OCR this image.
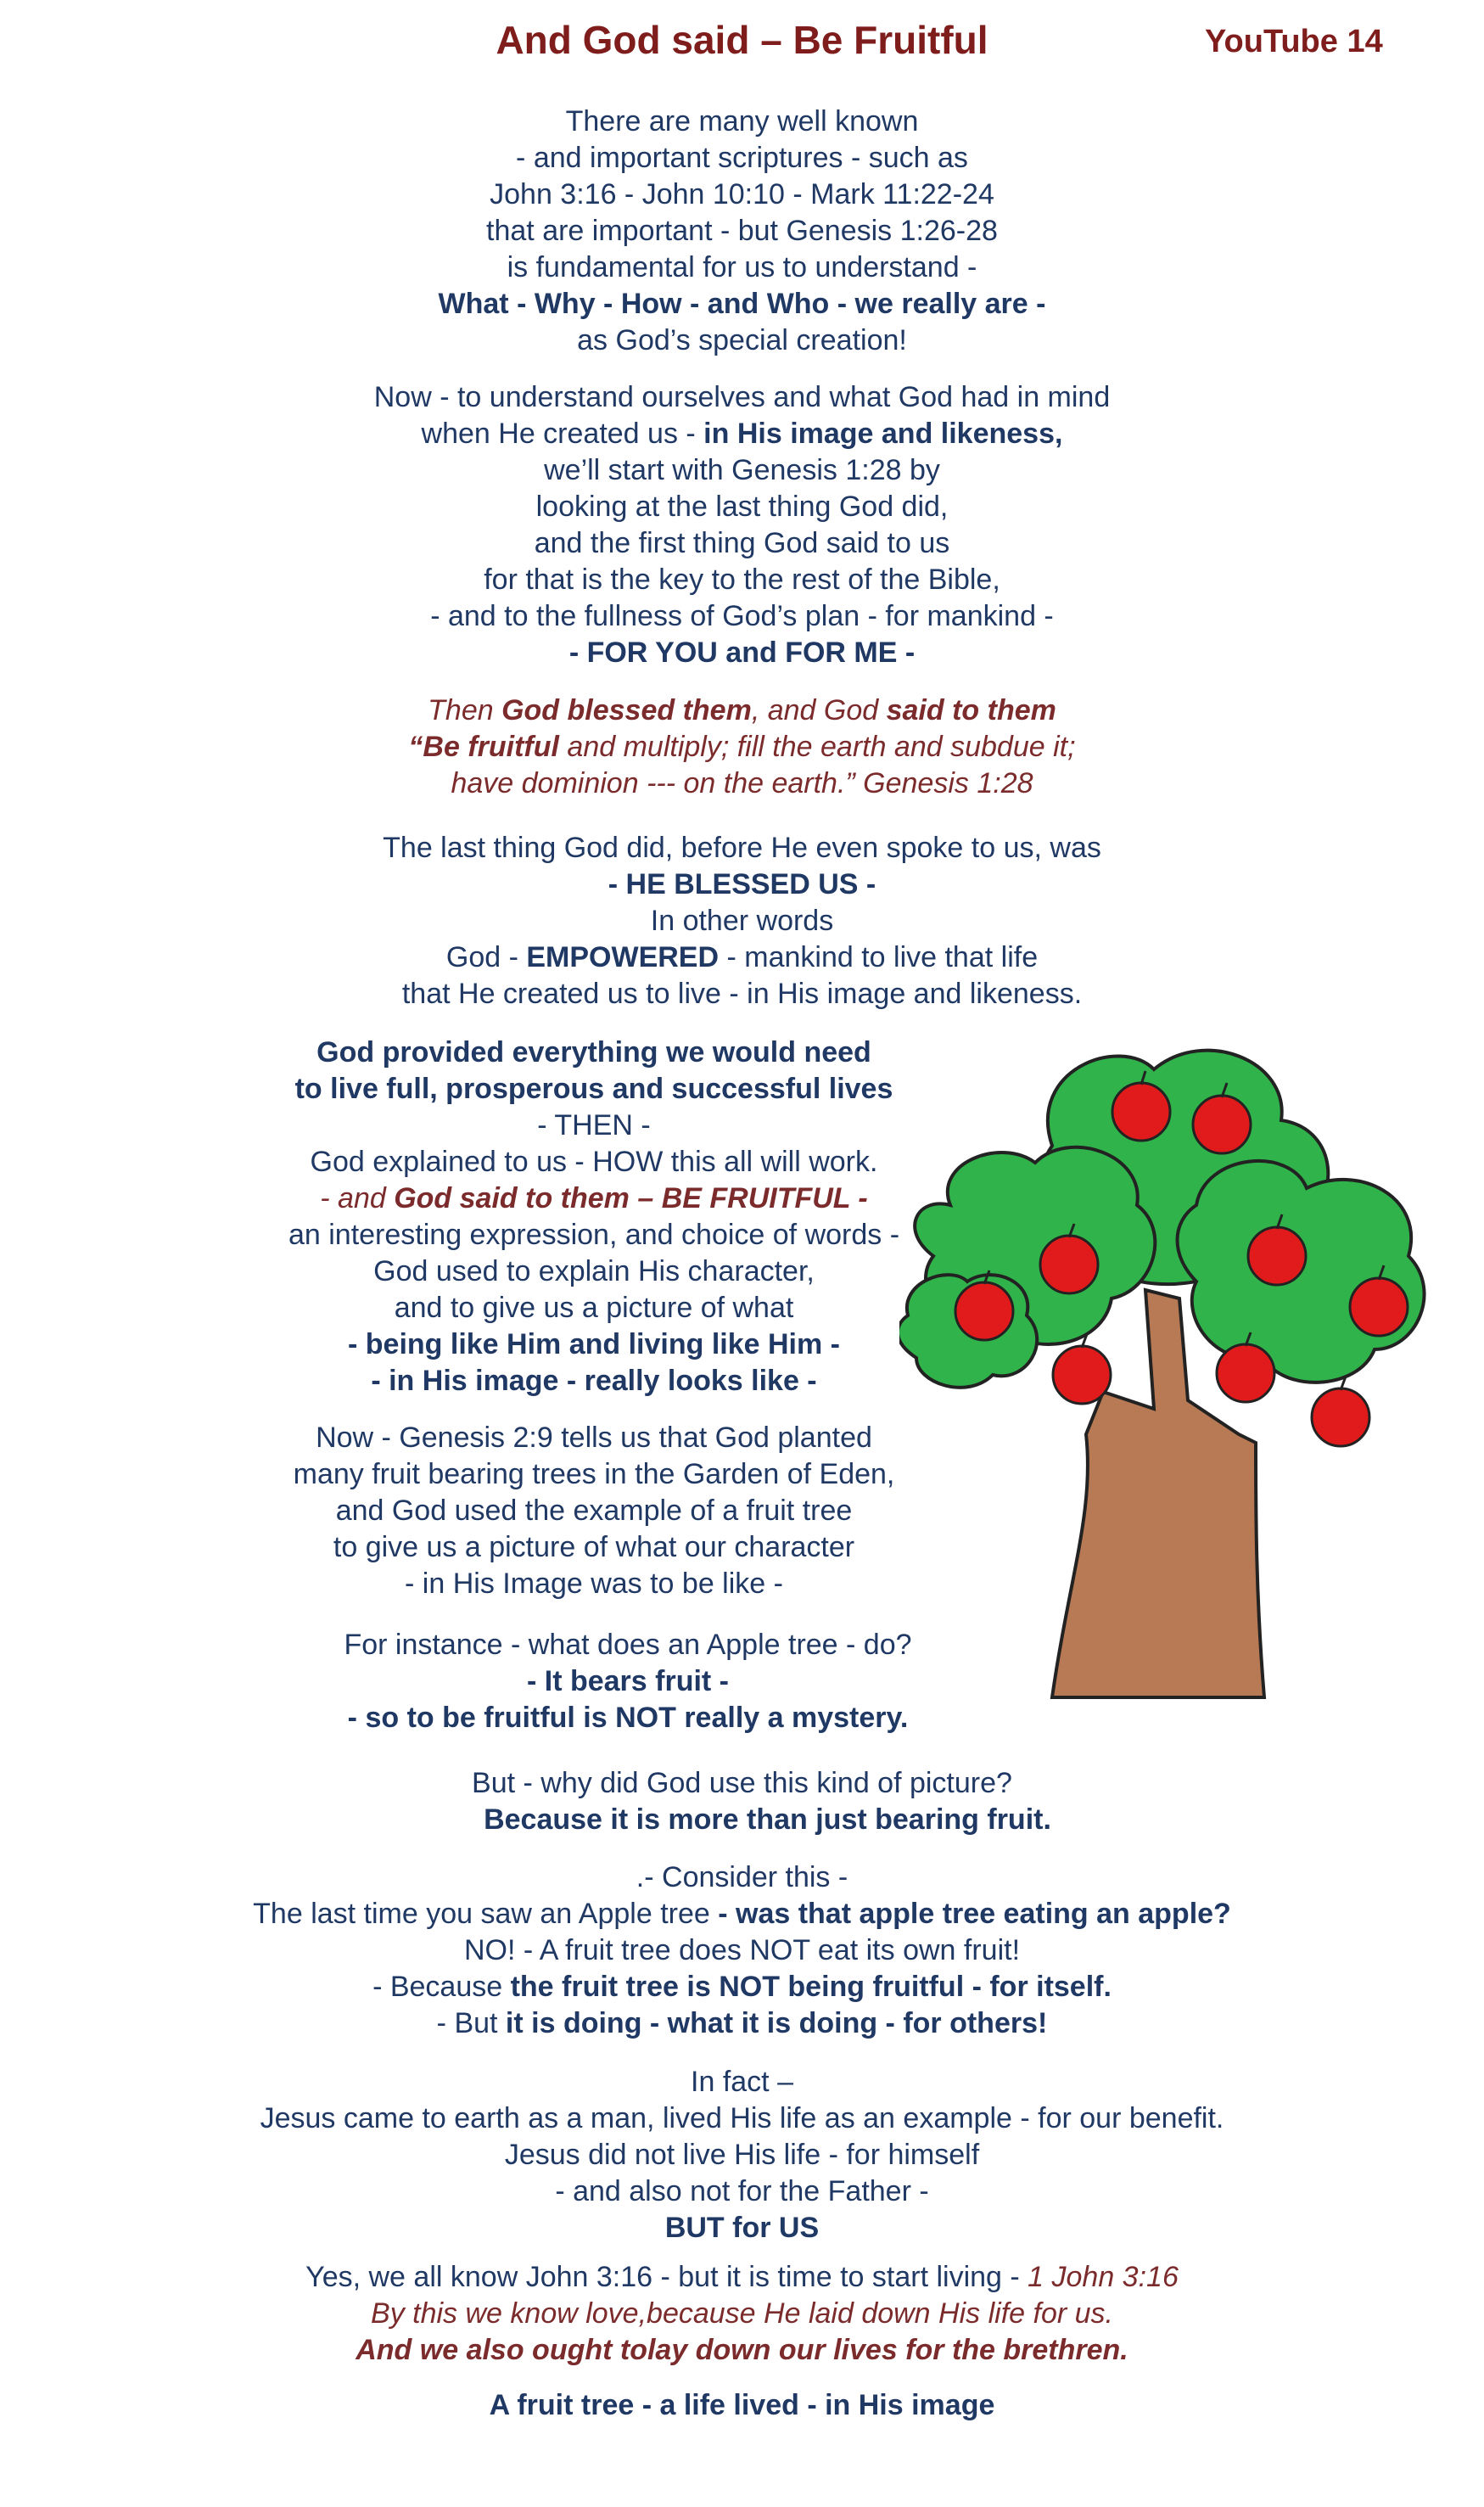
And God said – Be Fruitful	YouTube 14
There are many well known
- and important scriptures - such as
John 3:16 - John 10:10 - Mark 11:22-24
that are important - but Genesis 1:26-28
is fundamental for us to understand -
What - Why - How - and Who - we really are -
as God’s special creation!
Now - to understand ourselves and what God had in mind
when He created us - in His image and likeness,
we’ll start with Genesis 1:28 by
looking at the last thing God did,
and the first thing God said to us
for that is the key to the rest of the Bible,
- and to the fullness of God’s plan - for mankind -
- FOR YOU and FOR ME -
Then God blessed them, and God said to them
“Be fruitful and multiply; fill the earth and subdue it;
have dominion --- on the earth.” Genesis 1:28
The last thing God did, before He even spoke to us, was
- HE BLESSED US -
In other words
God - EMPOWERED - mankind to live that life
that He created us to live - in His image and likeness.
God provided everything we would need
to live full, prosperous and successful lives
- THEN -
God explained to us - HOW this all will work.
- and God said to them – BE FRUITFUL -
an interesting expression, and choice of words -
God used to explain His character,
and to give us a picture of what
- being like Him and living like Him -
- in His image - really looks like -
Now - Genesis 2:9 tells us that God planted
many fruit bearing trees in the Garden of Eden,
and God used the example of a fruit tree
to give us a picture of what our character
- in His Image was to be like -
For instance - what does an Apple tree - do?
- It bears fruit -
- so to be fruitful is NOT really a mystery.
But - why did God use this kind of picture?
Because it is more than just bearing fruit.
.- Consider this -
The last time you saw an Apple tree - was that apple tree eating an apple?
NO! - A fruit tree does NOT eat its own fruit!
- Because the fruit tree is NOT being fruitful - for itself.
- But it is doing - what it is doing - for others!
In fact –
Jesus came to earth as a man, lived His life as an example - for our benefit.
Jesus did not live His life - for himself
- and also not for the Father -
BUT for US
Yes, we all know John 3:16 - but it is time to start living - 1 John 3:16
By this we know love,because He laid down His life for us.
And we also ought tolay down our lives for the brethren.
A fruit tree - a life lived - in His image
